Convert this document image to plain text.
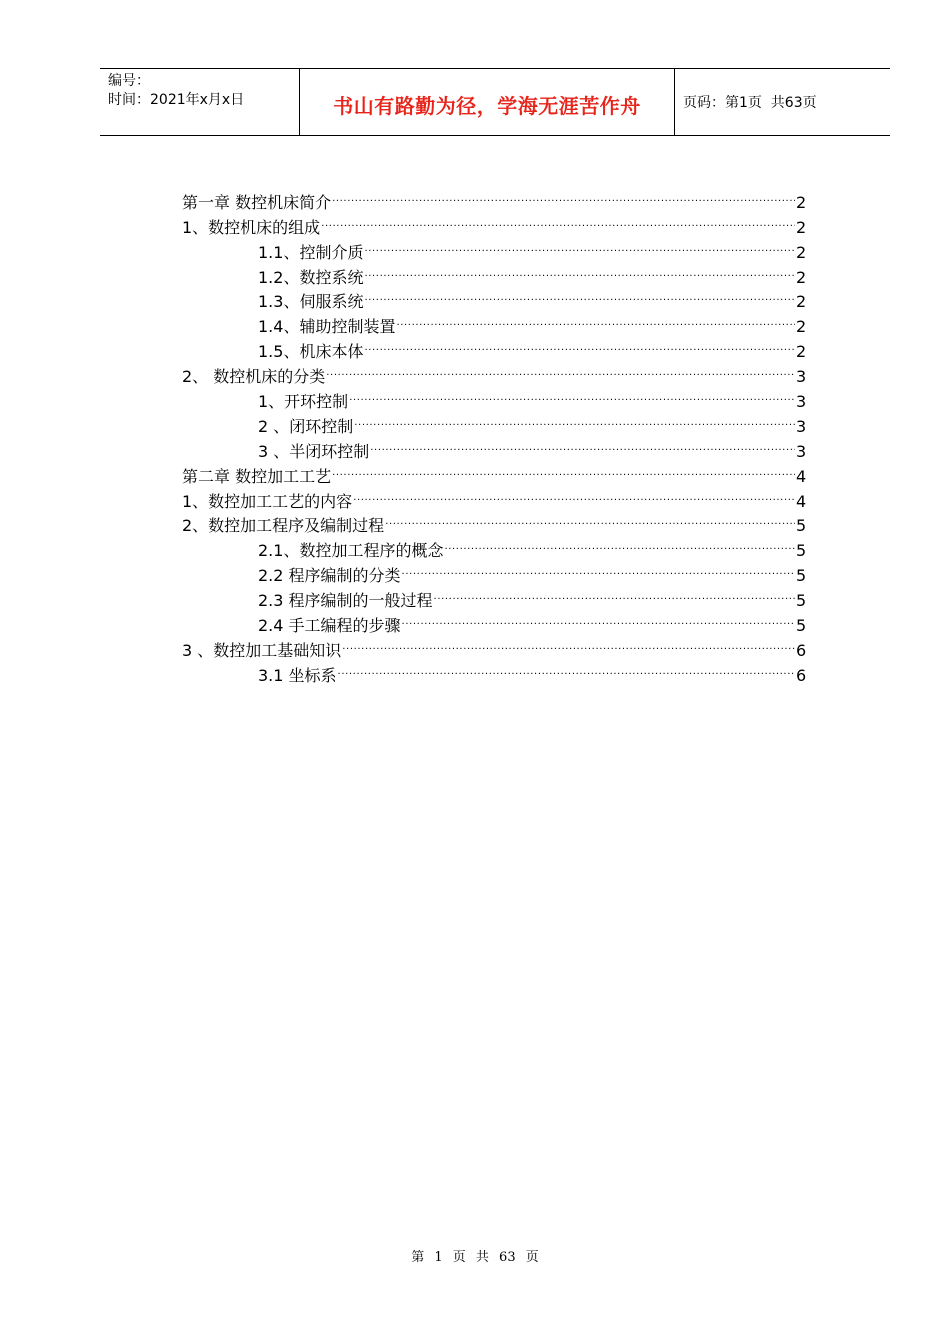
编号：
时间：2021年x月x日	书山有路勤为径，学海无涯苦作舟	页码：第1页  共63页
第一章 数控机床简介 .....	2
1、数控机床的组成 .....	2
1.1、控制介质 .....	2
1.2、数控系统 .....	2
1.3、伺服系统 .....	2
1.4、辅助控制装置 .....	2
1.5、机床本体 .....	2
2、 数控机床的分类 .....	3
1、开环控制 .....	3
2 、闭环控制 .....	3
3 、半闭环控制 .....	3
第二章 数控加工工艺 .....	4
1、数控加工工艺的内容 .....	4
2、数控加工程序及编制过程 .....	5
2.1、数控加工程序的概念 .....	5
2.2 程序编制的分类 .....	5
2.3 程序编制的一般过程 .....	5
2.4 手工编程的步骤 .....	5
3 、数控加工基础知识 .....	6
3.1 坐标系 .....	6
第 1 页 共 63 页
